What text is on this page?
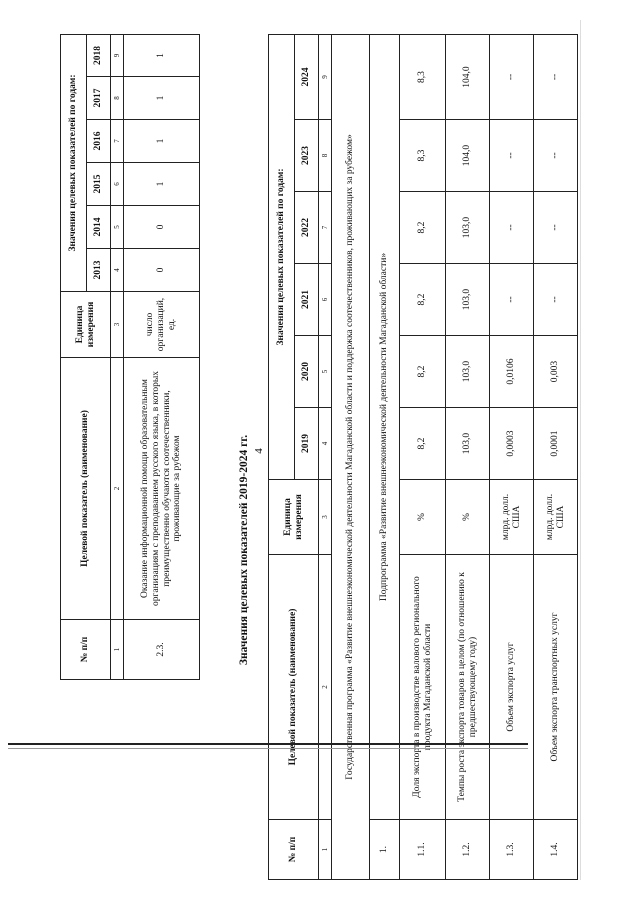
4
№ п/п	Целевой показатель (наименование)	Единица измерения	Значения целевых показателей по годам:					
			2013	2014	2015	2016	2017	2018
1	2	3	4	5	6	7	8	9
2.3.	Оказание информационной помощи образовательным организациям с преподаванием русского языка, в которых преимущественно обучаются соотечественники, проживающие за рубежом	число организаций, ед.	0	0	1	1	1	1
Значения целевых показателей 2019-2024 гг.
№ п/п	Целевой показатель (наименование)	Единица измерения	Значения целевых показателей по годам:					
			2019	2020	2021	2022	2023	2024
1	2	3	4	5	6	7	8	9
Государственная программа «Развитие внешнеэкономической деятельности Магаданской области и поддержка соотечественников, проживающих за рубежом»								
1.	Подпрограмма «Развитие внешнеэкономической деятельности Магаданской области»							
1.1.	Доля экспорта в производстве валового регионального продукта Магаданской области	%	8,2	8,2	8,2	8,2	8,3	8,3
1.2.	Темпы роста экспорта товаров в целом (по отношению к предшествующему году)	%	103,0	103,0	103,0	103,0	104,0	104,0
1.3.	Объем экспорта услуг	млрд. долл. США	0,0003	0,0106	--	--	--	--
1.4.	Объем экспорта транспортных услуг	млрд. долл. США	0,0001	0,003	--	--	--	--
